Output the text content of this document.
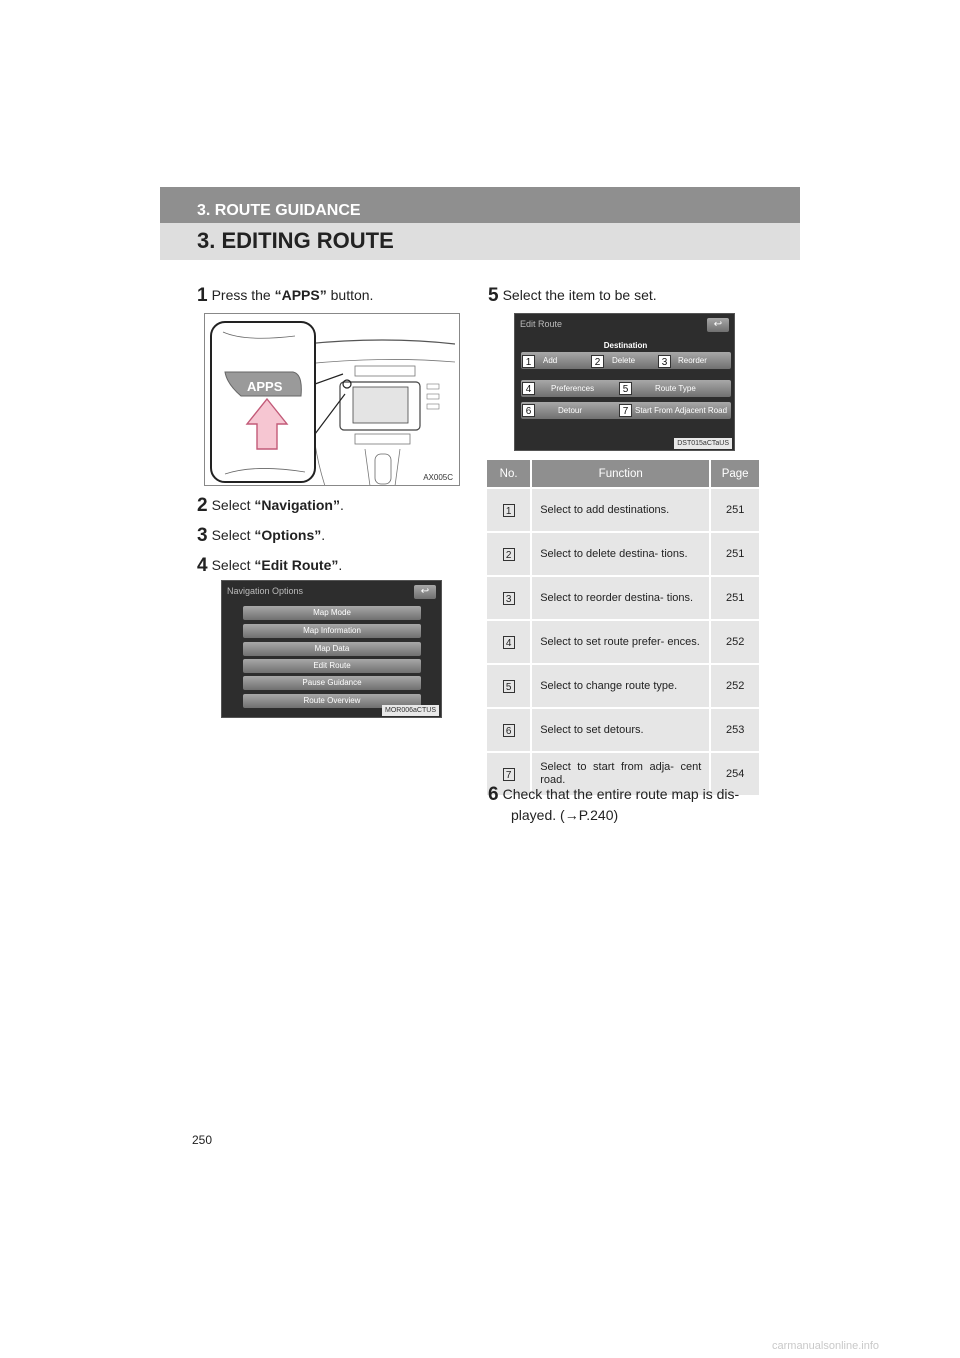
3. ROUTE GUIDANCE
3. EDITING ROUTE
1 Press the “APPS” button.
APPS
AX005C
2 Select “Navigation”.
3 Select “Options”.
4 Select “Edit Route”.
Navigation Options	↩
Map Mode
Map Information
Map Data
Edit Route
Pause Guidance
Route Overview
MOR006aCTUS
5 Select the item to be set.
Edit Route	↩
Destination
Add	Delete	Reorder
Preferences	Route Type
Detour	Start From Adjacent Road
1	2	3
4	5
6	7
DST015aCTaUS
No.	Function	Page
1	Select to add destinations.	251
2	Select to delete destina- tions.	251
3	Select to reorder destina- tions.	251
4	Select to set route prefer- ences.	252
5	Select to change route type.	252
6	Select to set detours.	253
7	Select to start from adja- cent road.	254
6 Check that the entire route map is dis-
played. (→P.240)
250
carmanualsonline.info
